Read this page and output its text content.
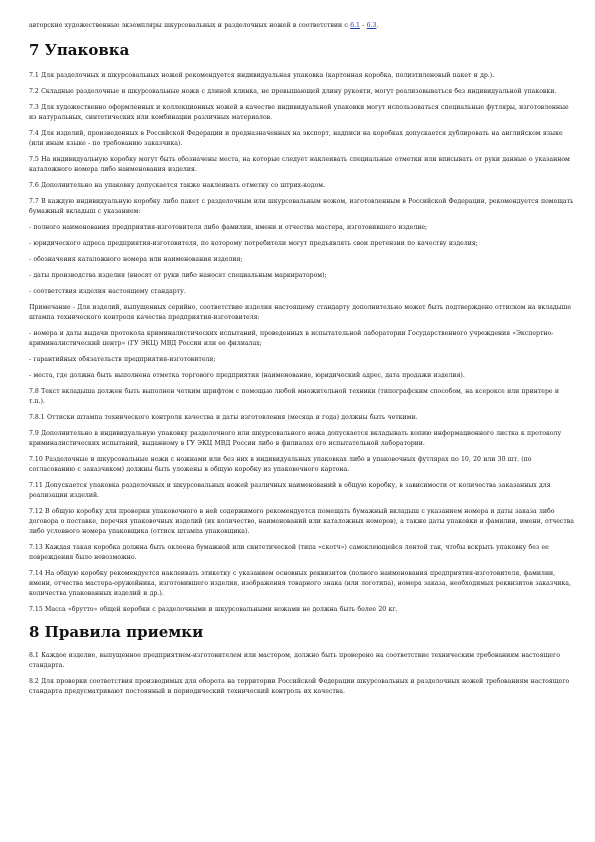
авторские художественные экземпляры шкурсовальных и разделочных ножей в соответствии с 6.1 - 6.3.

7 Упаковка

7.1 Для разделочных и шкурсовальных ножей рекомендуется индивидуальная упаковка (картонная коробка, полиэтиленовый пакет и др.).

7.2 Складные разделочные и шкурсовальные ножи с длиной клинка, не превышающей длину рукояти, могут реализовываться без индивидуальной упаковки.

7.3 Для художественно оформленных и коллекционных ножей в качестве индивидуальной упаковки могут использоваться специальные футляры, изготовленные из натуральных, синтетических или комбинации различных материалов.

7.4 Для изделий, произведенных в Российской Федерации и предназначенных на экспорт, надписи на коробках допускается дублировать на английском языке (или иным языке - по требованию заказчика).

7.5 На индивидуальную коробку могут быть обозначены места, на которые следует наклеивать специальные отметки или вписывать от руки данные о указанном каталожного номера либо наименования изделия.

7.6 Дополнительно на упаковку допускается также наклеивать отметку со штрих-кодом.

7.7 В каждую индивидуальную коробку либо пакет с разделочным или шкурсовальным ножом, изготовленным в Российской Федерации, рекомендуется помещать бумажный вкладыш с указанием:

- полного наименования предприятия-изготовителя либо фамилии, имени и отчества мастера, изготовившего изделие;

- юридического адреса предприятия-изготовителя, по которому потребители могут предъявлять свои претензии по качеству изделия;

- обозначения каталожного номера или наименования изделия;

- даты производства изделия (вносят от руки либо наносят специальным маркиратором);

- соответствия изделия настоящему стандарту.

Примечание - Для изделий, выпущенных серийно, соответствие изделия настоящему стандарту дополнительно может быть подтверждено оттиском на вкладыше штампа технического контроля качества предприятия-изготовителя:

- номера и даты выдачи протокола криминалистических испытаний, проведенных в испытательной лаборатории Государственного учреждения «Экспертно-криминалистический центр» (ГУ ЭКЦ) МВД России или ее филиалах;

- гарантийных обязательств предприятия-изготовителя;

- места, где должна быть выполнена отметка торгового предприятия (наименование, юридический адрес, дата продажи изделия).

7.8 Текст вкладыша должен быть выполнен четким шрифтом с помощью любой множительной техники (типографским способом, на ксероксе или принтере и т.п.).

7.8.1 Оттиски штампа технического контроля качества и даты изготовления (месяца и года) должны быть четкими.

7.9 Дополнительно в индивидуальную упаковку разделочного или шкурсовального ножа допускается вкладывать копию информационного листка к протоколу криминалистических испытаний, выданному в ГУ ЭКЦ МВД России либо в филиалах его испытательной лаборатории.

7.10 Разделочные и шкурсовальные ножи с ножнами или без них в индивидуальных упаковках либо в упаковочных футлярах по 10, 20 или 30 шт. (по согласованию с заказчиком) должны быть уложены в общую коробку из упаковочного картона.

7.11 Допускается упаковка разделочных и шкурсовальных ножей различных наименований в общую коробку, в зависимости от количества заказанных для реализации изделий.

7.12 В общую коробку для проверки упаковочного в ней содержимого рекомендуется помещать бумажный вкладыш с указанием номера и даты заказа либо договора о поставке, перечня упаковочных изделий (их количество, наименований или каталожных номеров), а также даты упаковки и фамилии, имени, отчества либо условного номера упаковщика (оттиск штампа упаковщика).

7.13 Каждая такая коробка должна быть оклеена бумажной или синтетической (типа «скотч») самоклеющейся лентой так, чтобы вскрыть упаковку без ее повреждения было невозможно.

7.14 На общую коробку рекомендуется наклеивать этикетку с указанием основных реквизитов (полного наименования предприятия-изготовителя, фамилии, имени, отчества мастера-оружейника, изготовившего изделия, изображения товарного знака (или логотипа), номера заказа, необходимых реквизитов заказчика, количества упакованных изделий и др.).

7.15 Масса «брутто» общей коробки с разделочными и шкурсовальными ножами не должна быть более 20 кг.

8 Правила приемки

8.1 Каждое изделие, выпущенное предприятием-изготовителем или мастером, должно быть проверено на соответствие техническим требованиям настоящего стандарта.

8.2 Для проверки соответствия производимых для оборота на территории Российской Федерации шкурсовальных и разделочных ножей требованиям настоящего стандарта предусматривают постоянный и периодический технический контроль их качества.
